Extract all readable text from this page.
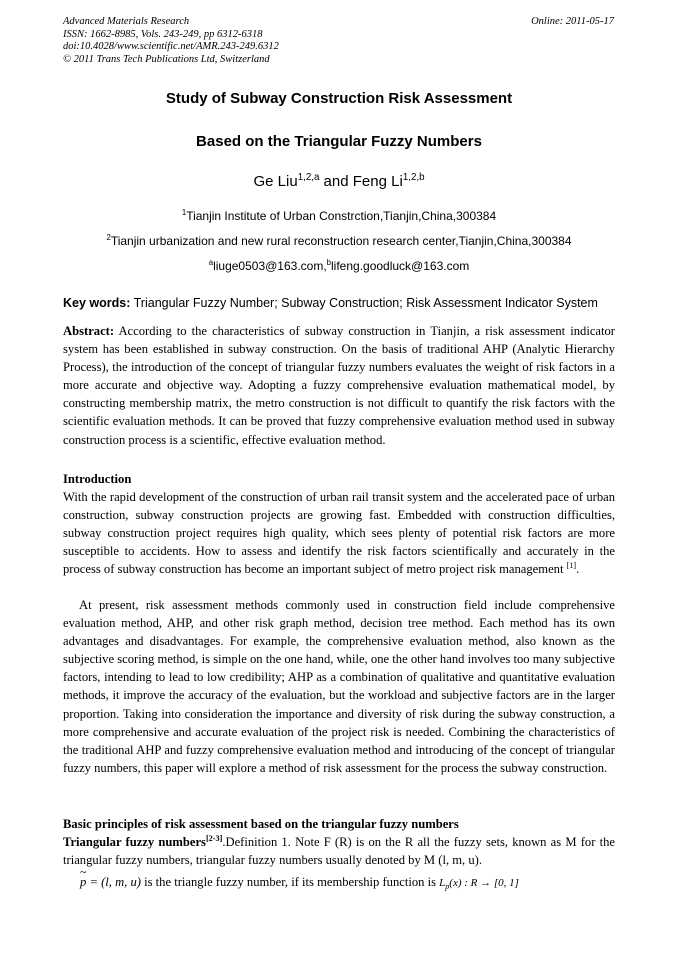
Advanced Materials Research
ISSN: 1662-8985, Vols. 243-249, pp 6312-6318
doi:10.4028/www.scientific.net/AMR.243-249.6312
© 2011 Trans Tech Publications Ltd, Switzerland
Online: 2011-05-17
Study of Subway Construction Risk Assessment
Based on the Triangular Fuzzy Numbers
Ge Liu$^{1,2,a}$ and Feng Li$^{1,2,b}$
$^1$Tianjin Institute of Urban Constrction,Tianjin,China,300384
$^2$Tianjin urbanization and new rural reconstruction research center,Tianjin,China,300384
$^a$liuge0503@163.com,$^b$lifeng.goodluck@163.com
Key words: Triangular Fuzzy Number; Subway Construction; Risk Assessment Indicator System
Abstract: According to the characteristics of subway construction in Tianjin, a risk assessment indicator system has been established in subway construction. On the basis of traditional AHP (Analytic Hierarchy Process), the introduction of the concept of triangular fuzzy numbers evaluates the weight of risk factors in a more accurate and objective way. Adopting a fuzzy comprehensive evaluation mathematical model, by constructing membership matrix, the metro construction is not difficult to quantify the risk factors with the scientific evaluation methods. It can be proved that fuzzy comprehensive evaluation method used in subway construction process is a scientific, effective evaluation method.
Introduction
With the rapid development of the construction of urban rail transit system and the accelerated pace of urban construction, subway construction projects are growing fast. Embedded with construction difficulties, subway construction project requires high quality, which sees plenty of potential risk factors are more susceptible to accidents. How to assess and identify the risk factors scientifically and accurately in the process of subway construction has become an important subject of metro project risk management [1].
At present, risk assessment methods commonly used in construction field include comprehensive evaluation method, AHP, and other risk graph method, decision tree method. Each method has its own advantages and disadvantages. For example, the comprehensive evaluation method, also known as the subjective scoring method, is simple on the one hand, while, one the other hand involves too many subjective factors, intending to lead to low credibility; AHP as a combination of qualitative and quantitative evaluation methods, it improve the accuracy of the evaluation, but the workload and subjective factors are in the larger proportion. Taking into consideration the importance and diversity of risk during the subway construction, a more comprehensive and accurate evaluation of the project risk is needed. Combining the characteristics of the traditional AHP and fuzzy comprehensive evaluation method and introducing of the concept of triangular fuzzy numbers, this paper will explore a method of risk assessment for the process the subway construction.
Basic principles of risk assessment based on the triangular fuzzy numbers
Triangular fuzzy numbers[2-3].Definition 1. Note F (R) is on the R all the fuzzy sets, known as M for the triangular fuzzy numbers, triangular fuzzy numbers usually denoted by M (l, m, u).
~ p = (l, m, u) is the triangle fuzzy number, if its membership function is $L_p(x)$ : R → [0, 1]
